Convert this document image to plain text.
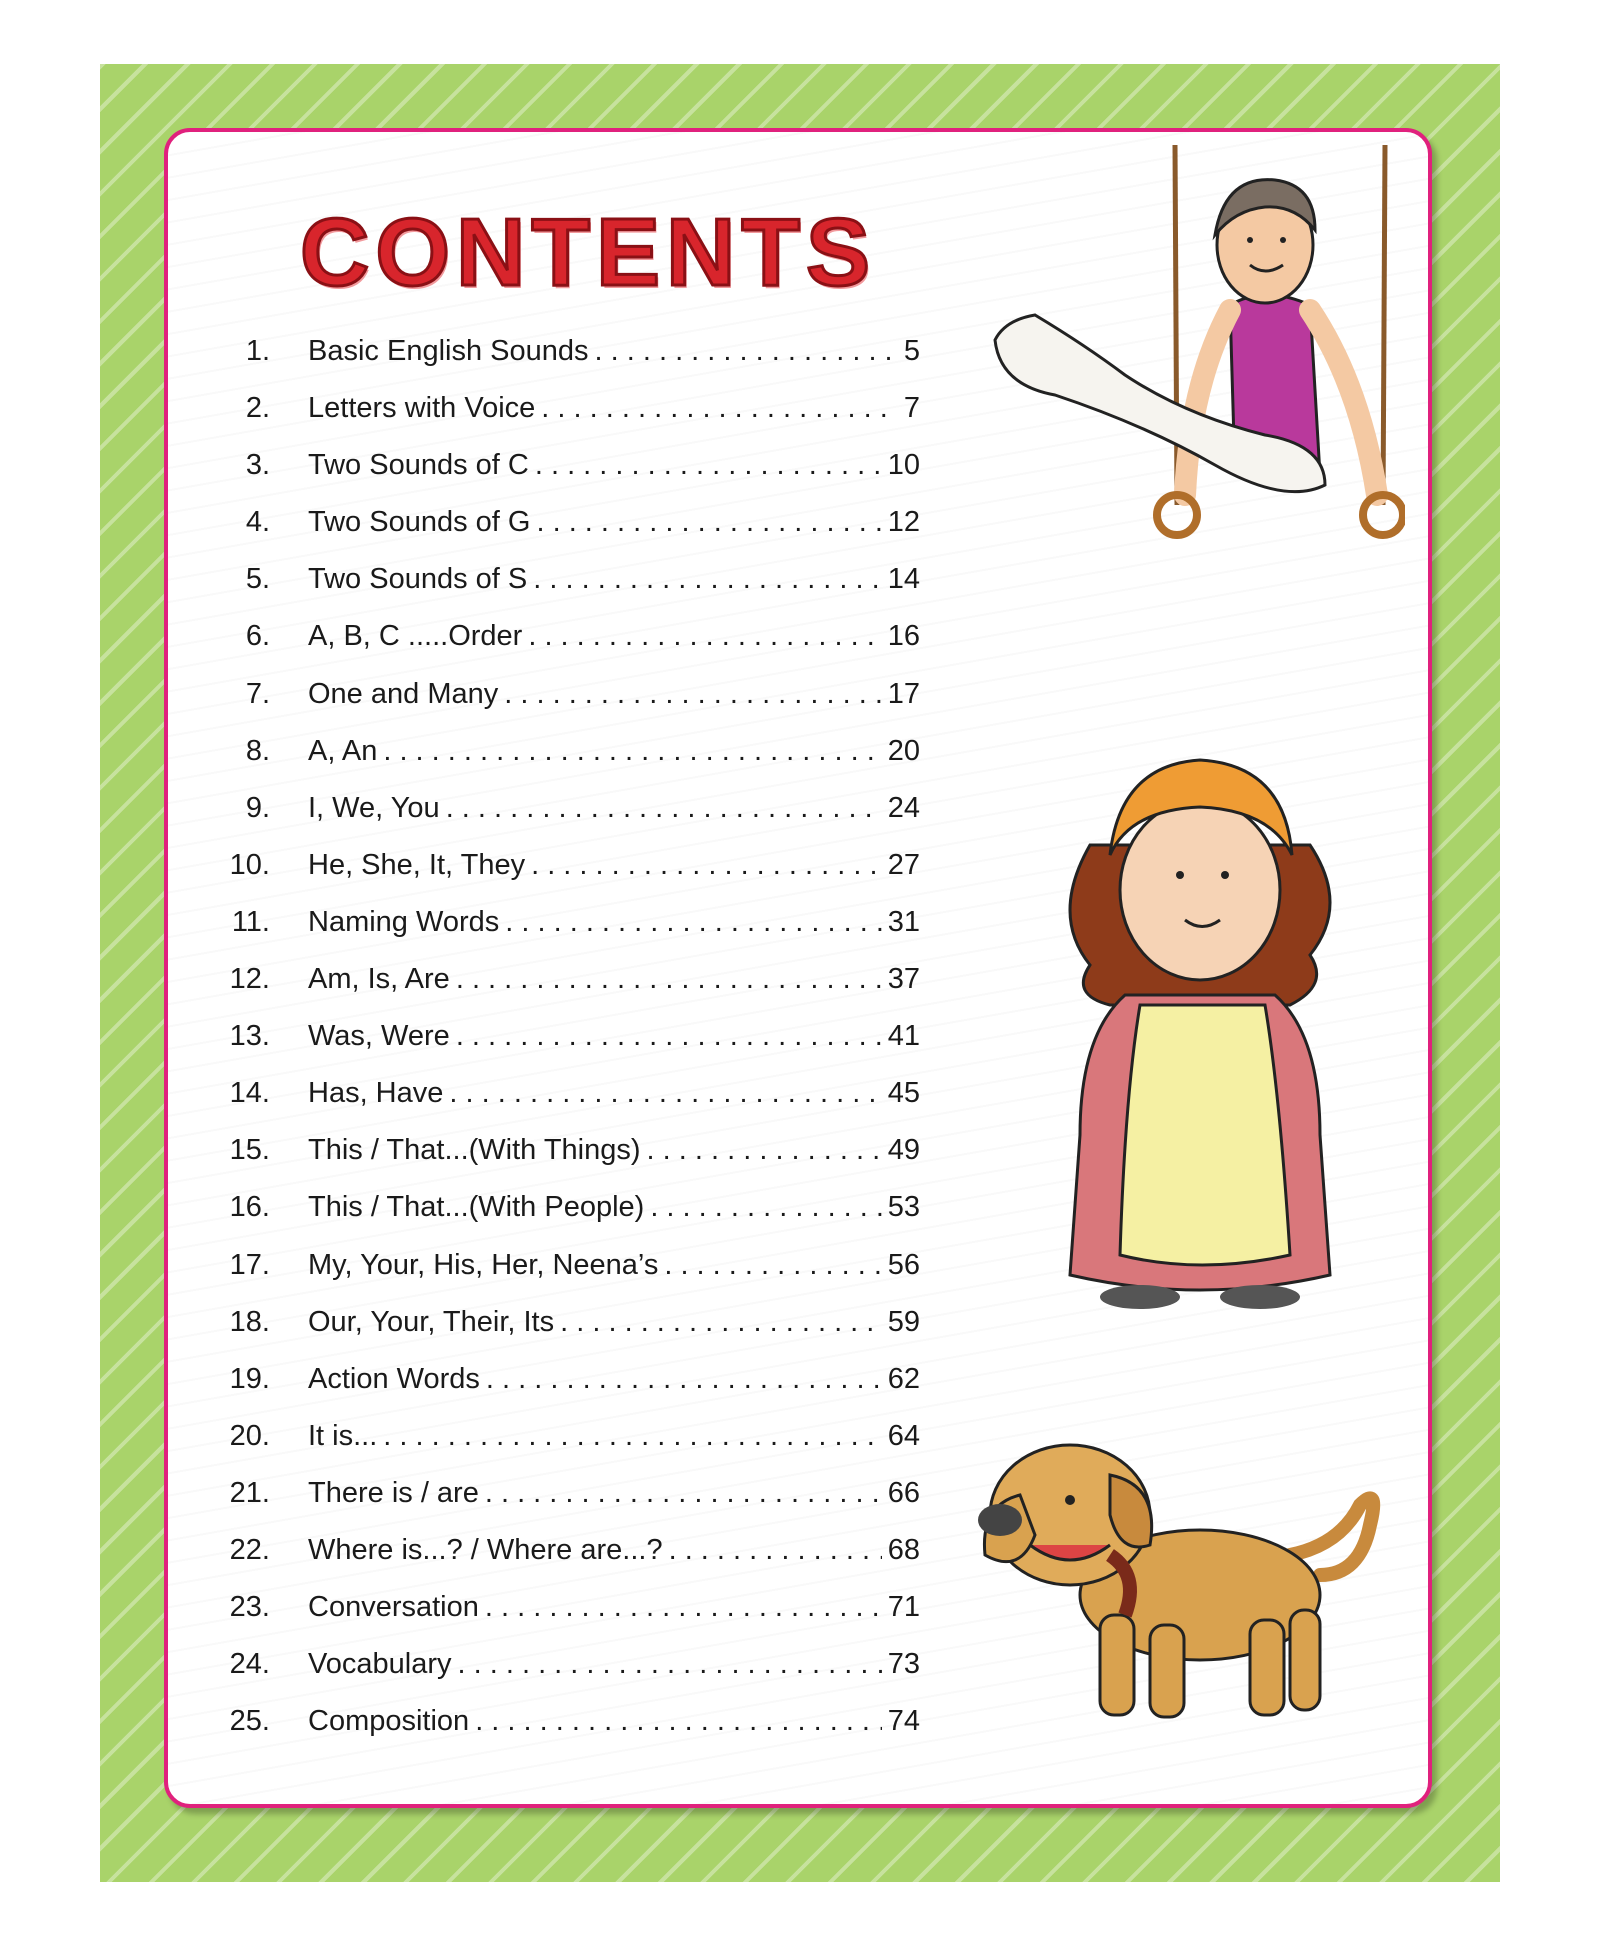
CONTENTS
1. Basic English Sounds . . .	5
2. Letters with Voice . . .	7
3. Two Sounds of C . . .	10
4. Two Sounds of G . . .	12
5. Two Sounds of S . . .	14
6. A, B, C .....Order . . .	16
7. One and Many . . .	17
8. A, An . . .	20
9. I, We, You . . .	24
10. He, She, It, They . . .	27
11. Naming Words . . .	31
12. Am, Is, Are . . .	37
13. Was, Were . . .	41
14. Has, Have . . .	45
15. This / That...(With Things) . . .	49
16. This / That...(With People) . . .	53
17. My, Your, His, Her, Neena’s . . .	56
18. Our, Your, Their, Its . . .	59
19. Action Words . . .	62
20. It is... . . .	64
21. There is / are . . .	66
22. Where is...? / Where are...? . . .	68
23. Conversation . . .	71
24. Vocabulary . . .	73
25. Composition . . .	74
